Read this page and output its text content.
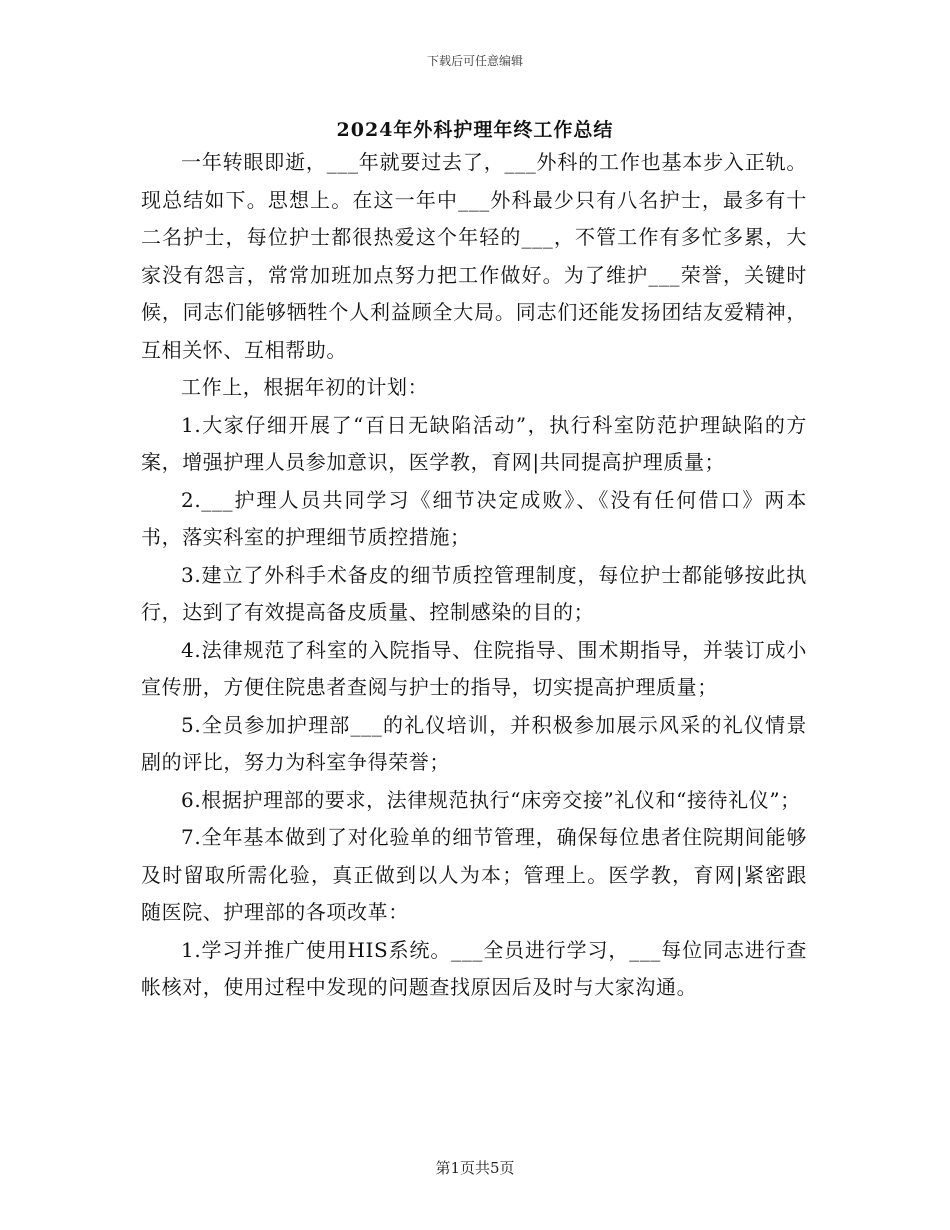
下载后可任意编辑
2024年外科护理年终工作总结

一年转眼即逝，___年就要过去了，___外科的工作也基本步入正轨。现总结如下。思想上。在这一年中___外科最少只有八名护士，最多有十二名护士，每位护士都很热爱这个年轻的___，不管工作有多忙多累，大家没有怨言，常常加班加点努力把工作做好。为了维护___荣誉，关键时候，同志们能够牺牲个人利益顾全大局。同志们还能发扬团结友爱精神，互相关怀、互相帮助。

工作上，根据年初的计划：

1.大家仔细开展了“百日无缺陷活动”，执行科室防范护理缺陷的方案，增强护理人员参加意识，医学教，育网|共同提高护理质量；

2.___护理人员共同学习《细节决定成败》、《没有任何借口》两本书，落实科室的护理细节质控措施；

3.建立了外科手术备皮的细节质控管理制度，每位护士都能够按此执行，达到了有效提高备皮质量、控制感染的目的；

4.法律规范了科室的入院指导、住院指导、围术期指导，并装订成小宣传册，方便住院患者查阅与护士的指导，切实提高护理质量；

5.全员参加护理部___的礼仪培训，并积极参加展示风采的礼仪情景剧的评比，努力为科室争得荣誉；

6.根据护理部的要求，法律规范执行“床旁交接”礼仪和“接待礼仪”；

7.全年基本做到了对化验单的细节管理，确保每位患者住院期间能够及时留取所需化验，真正做到以人为本；管理上。医学教，育网|紧密跟随医院、护理部的各项改革：

1.学习并推广使用HIS系统。___全员进行学习，___每位同志进行查帐核对，使用过程中发现的问题查找原因后及时与大家沟通。

第1页共5页
